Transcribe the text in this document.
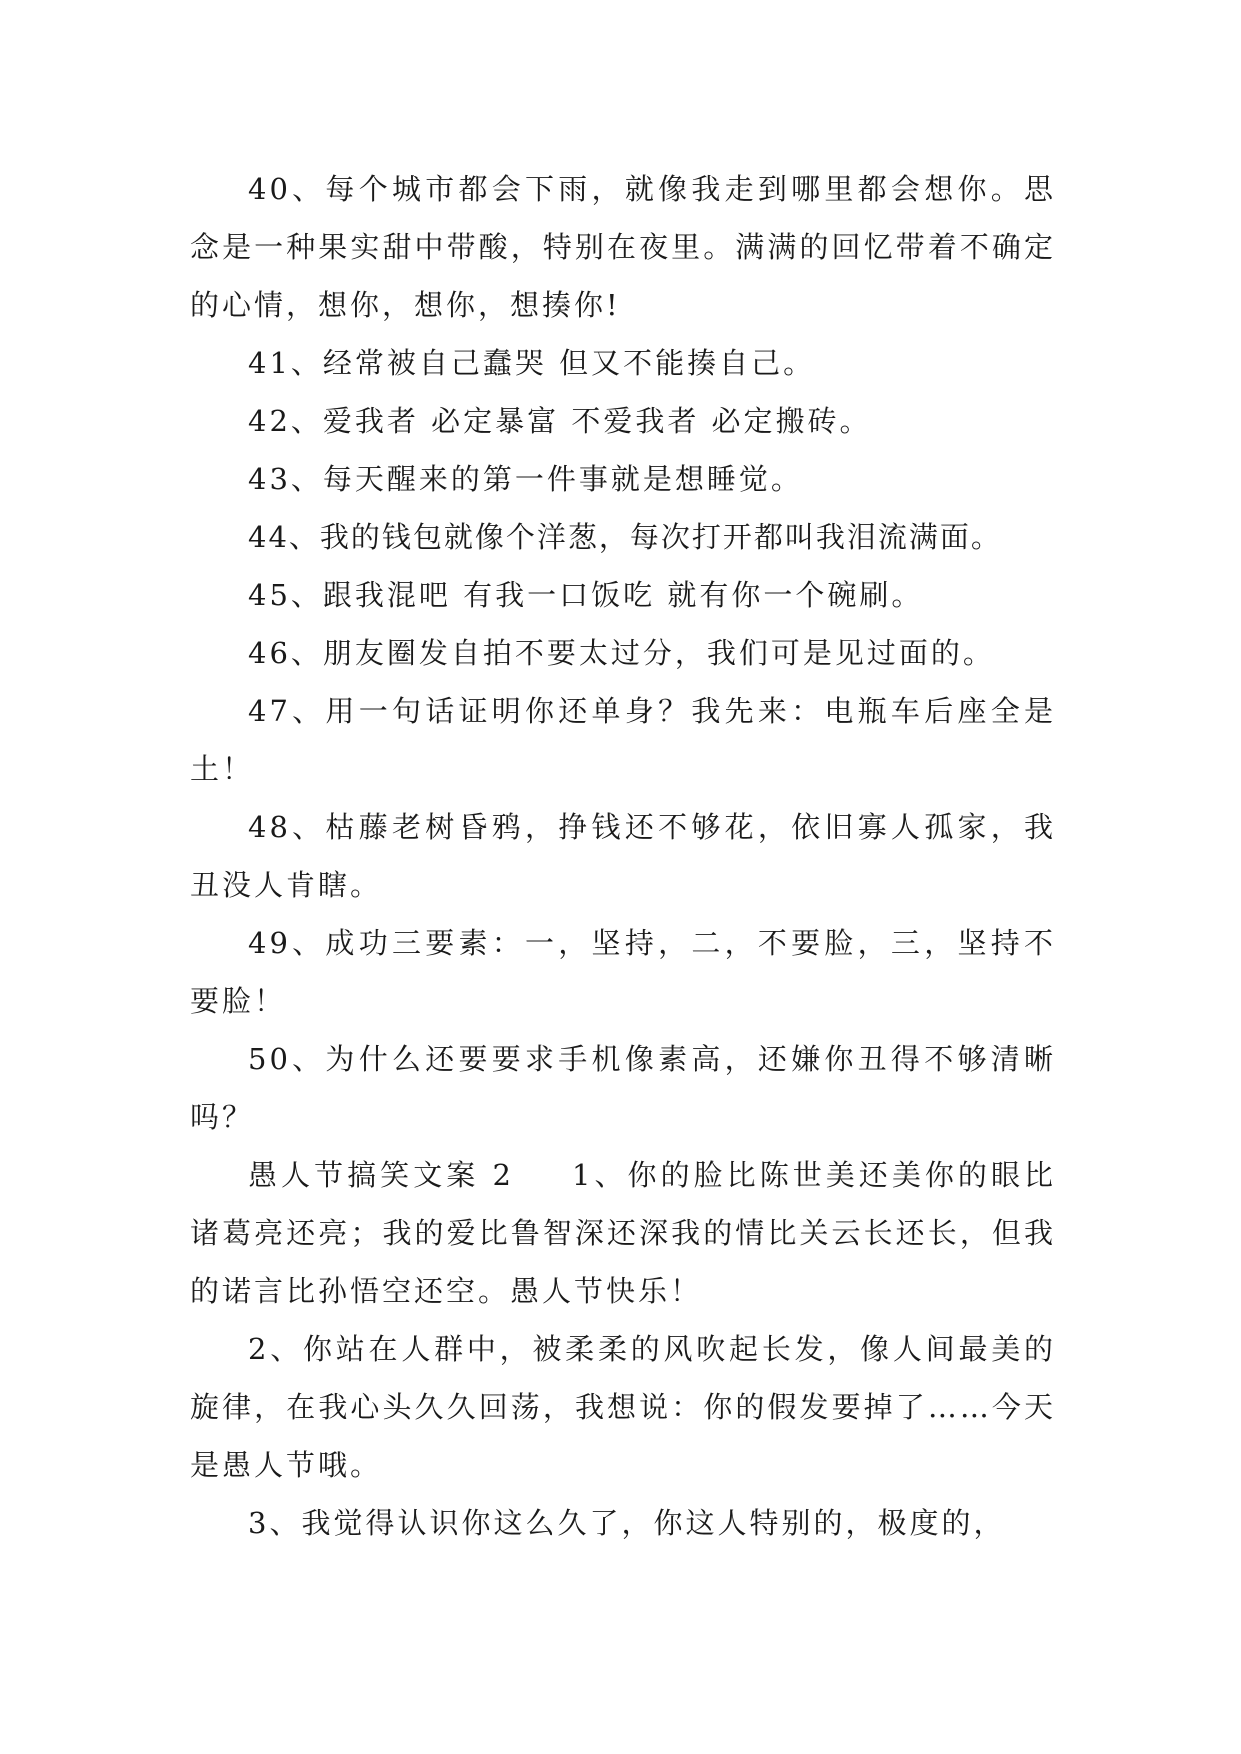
40、每个城市都会下雨，就像我走到哪里都会想你。思念是一种果实甜中带酸，特别在夜里。满满的回忆带着不确定的心情，想你，想你，想揍你!

41、经常被自己蠢哭 但又不能揍自己。

42、爱我者 必定暴富 不爱我者 必定搬砖。

43、每天醒来的第一件事就是想睡觉。

44、我的钱包就像个洋葱，每次打开都叫我泪流满面。

45、跟我混吧 有我一口饭吃 就有你一个碗刷。

46、朋友圈发自拍不要太过分，我们可是见过面的。

47、用一句话证明你还单身？我先来：电瓶车后座全是土！

48、枯藤老树昏鸦，挣钱还不够花，依旧寡人孤家，我丑没人肯瞎。

49、成功三要素：一，坚持，二，不要脸，三，坚持不要脸！

50、为什么还要要求手机像素高，还嫌你丑得不够清晰吗？

愚人节搞笑文案 2 1、你的脸比陈世美还美你的眼比诸葛亮还亮；我的爱比鲁智深还深我的情比关云长还长，但我的诺言比孙悟空还空。愚人节快乐！

2、你站在人群中，被柔柔的风吹起长发，像人间最美的旋律，在我心头久久回荡，我想说：你的假发要掉了……今天是愚人节哦。

3、我觉得认识你这么久了，你这人特别的，极度的，
